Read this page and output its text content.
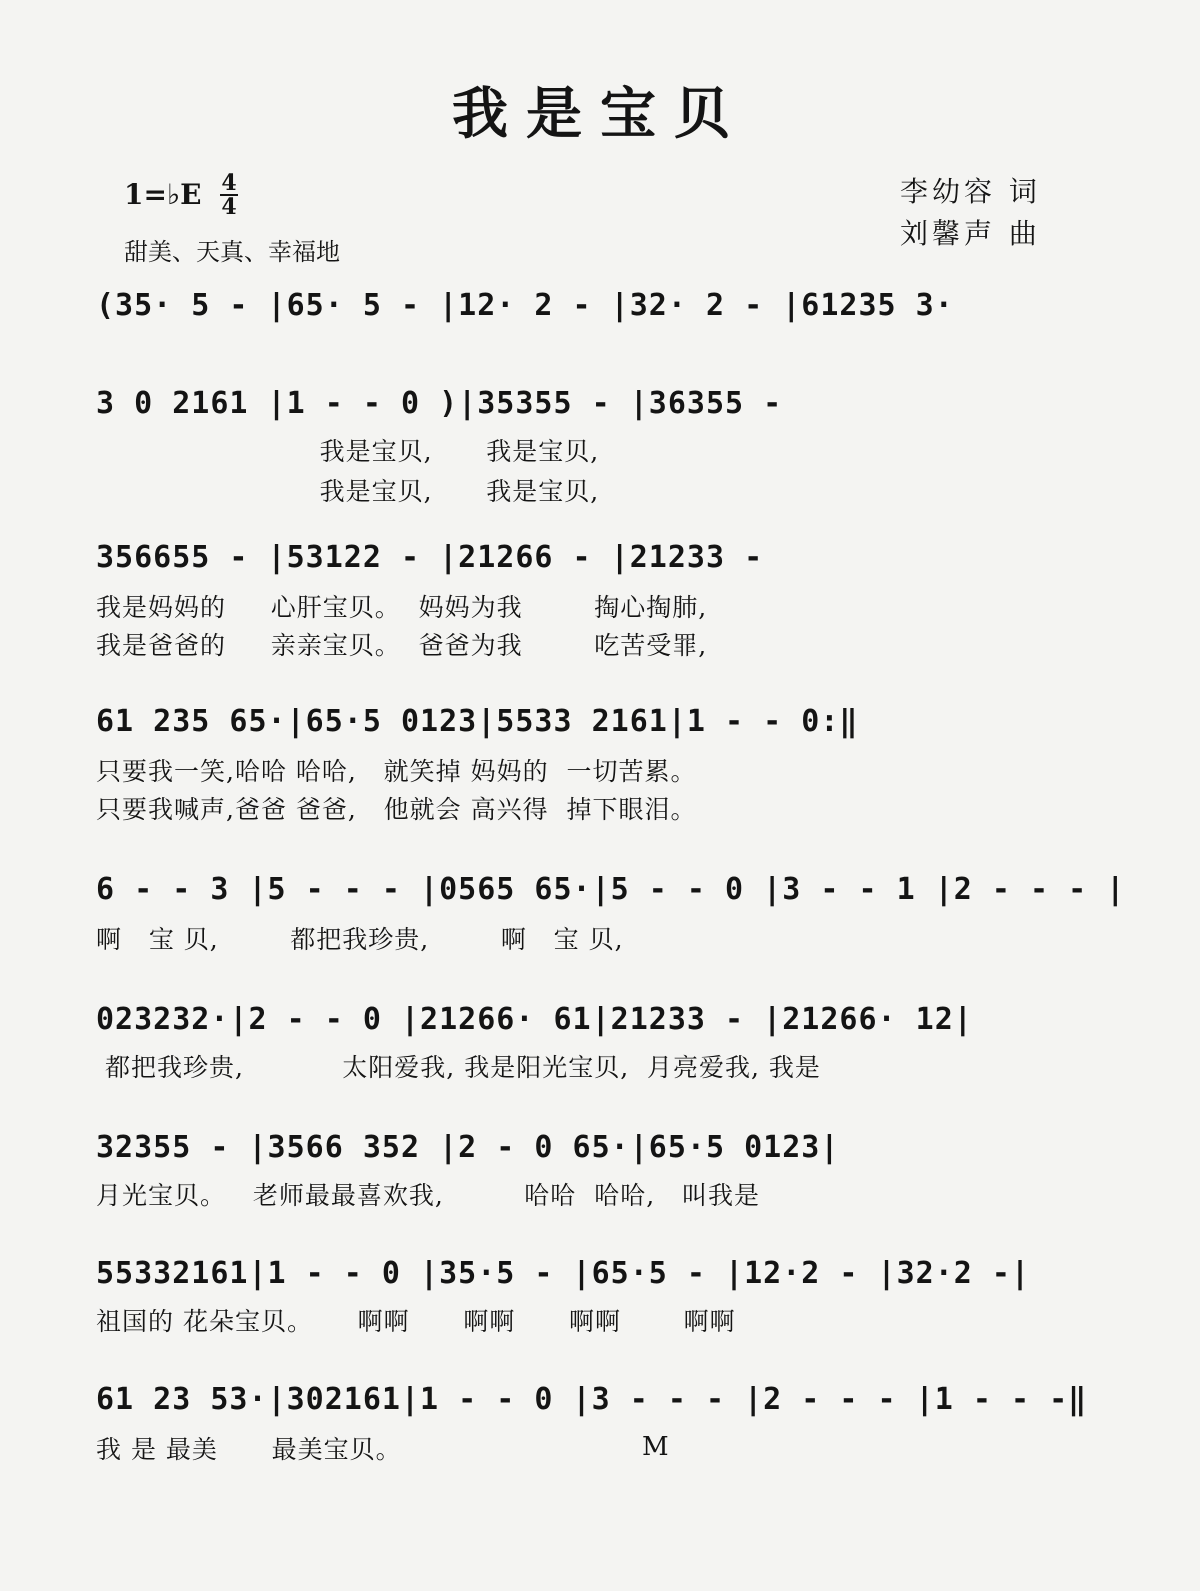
我是宝贝
1=♭E 4
4
甜美、天真、幸福地
李幼容 词
刘馨声 曲
(35· 5 - |65· 5 - |12· 2 - |32· 2 - |61235 3·
3 0 2161 |1 - - 0 )|35355 - |36355 -
我是宝贝,      我是宝贝,
我是宝贝,      我是宝贝,
356655 - |53122 - |21266 - |21233 -
我是妈妈的     心肝宝贝。  妈妈为我        掏心掏肺,
我是爸爸的     亲亲宝贝。  爸爸为我        吃苦受罪,
61 235 65·|65·5 0123|5533 2161|1 - - 0:‖
只要我一笑,哈哈 哈哈,   就笑掉 妈妈的  一切苦累。
只要我喊声,爸爸 爸爸,   他就会 高兴得  掉下眼泪。
6 - - 3 |5 - - - |0565 65·|5 - - 0 |3 - - 1 |2 - - - |
啊   宝 贝,        都把我珍贵,        啊   宝 贝,
023232·|2 - - 0 |21266· 61|21233 - |21266· 12|
都把我珍贵,           太阳爱我, 我是阳光宝贝,  月亮爱我, 我是
32355 - |3566 352 |2 - 0 65·|65·5 0123|
月光宝贝。   老师最最喜欢我,         哈哈  哈哈,   叫我是
55332161|1 - - 0 |35·5 - |65·5 - |12·2 - |32·2 -|
祖国的 花朵宝贝。     啊啊      啊啊      啊啊       啊啊
61 23 53·|302161|1 - - 0 |3 - - - |2 - - - |1 - - -‖
我 是 最美      最美宝贝。	M
